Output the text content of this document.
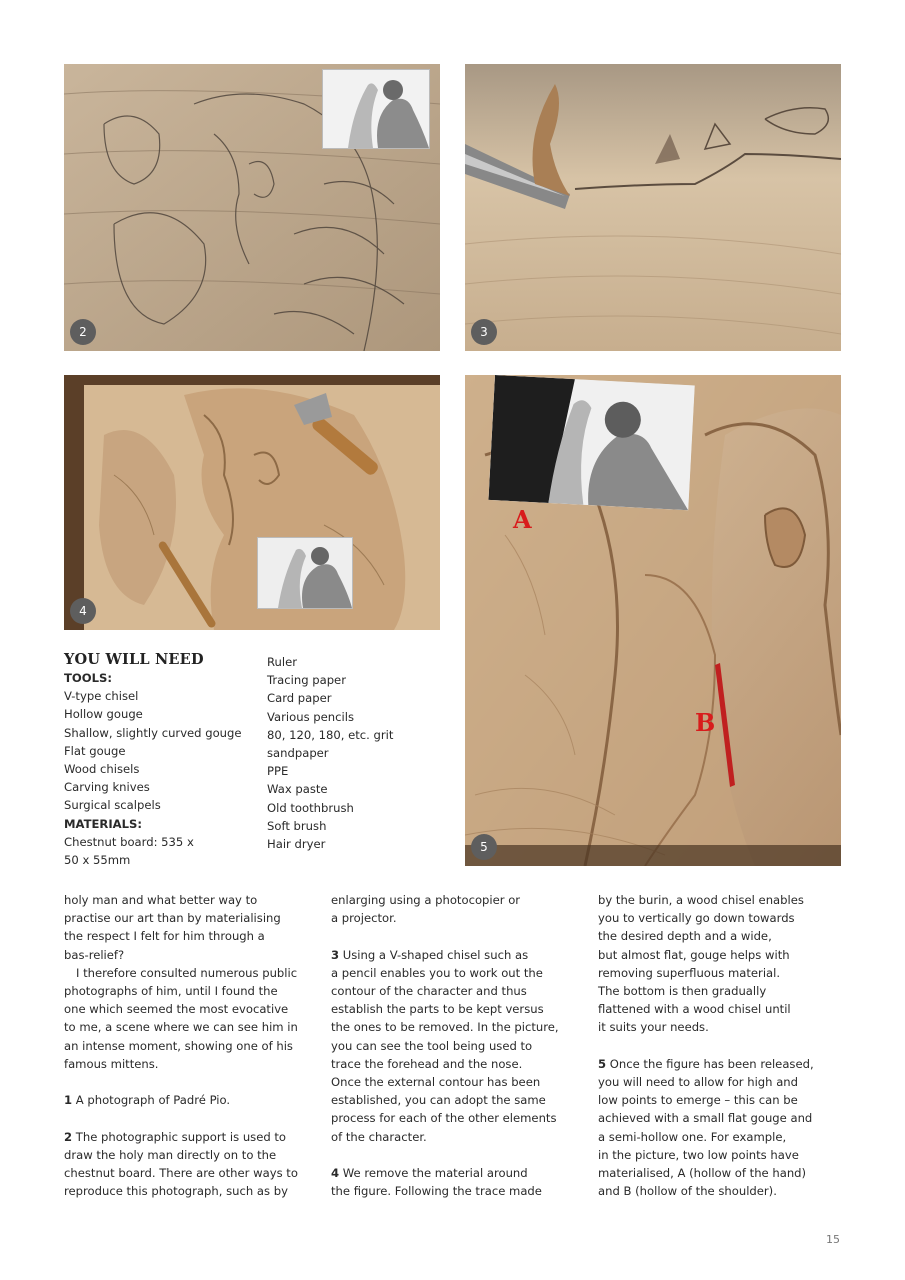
2	3
4
A
B
5
YOU WILL NEED
TOOLS:
V-type chisel
Hollow gouge
Shallow, slightly curved gouge
Flat gouge
Wood chisels
Carving knives
Surgical scalpels
MATERIALS:
Chestnut board: 535 x
50 x 55mm
Ruler
Tracing paper
Card paper
Various pencils
80, 120, 180, etc. grit
sandpaper
PPE
Wax paste
Old toothbrush
Soft brush
Hair dryer

holy man and what better way to

practise our art than by materialising

the respect I felt for him through a

bas-relief?

I therefore consulted numerous public

photographs of him, until I found the

one which seemed the most evocative

to me, a scene where we can see him in

an intense moment, showing one of his

famous mittens.

1 A photograph of Padré Pio.

2 The photographic support is used to

draw the holy man directly on to the

chestnut board. There are other ways to

reproduce this photograph, such as by

enlarging using a photocopier or

a projector.

3 Using a V-shaped chisel such as

a pencil enables you to work out the

contour of the character and thus

establish the parts to be kept versus

the ones to be removed. In the picture,

you can see the tool being used to

trace the forehead and the nose.

Once the external contour has been

established, you can adopt the same

process for each of the other elements

of the character.

4 We remove the material around

the figure. Following the trace made

by the burin, a wood chisel enables

you to vertically go down towards

the desired depth and a wide,

but almost flat, gouge helps with

removing superfluous material.

The bottom is then gradually

flattened with a wood chisel until

it suits your needs.

5 Once the figure has been released,

you will need to allow for high and

low points to emerge – this can be

achieved with a small flat gouge and

a semi-hollow one. For example,

in the picture, two low points have

materialised, A (hollow of the hand)

and B (hollow of the shoulder).

15
